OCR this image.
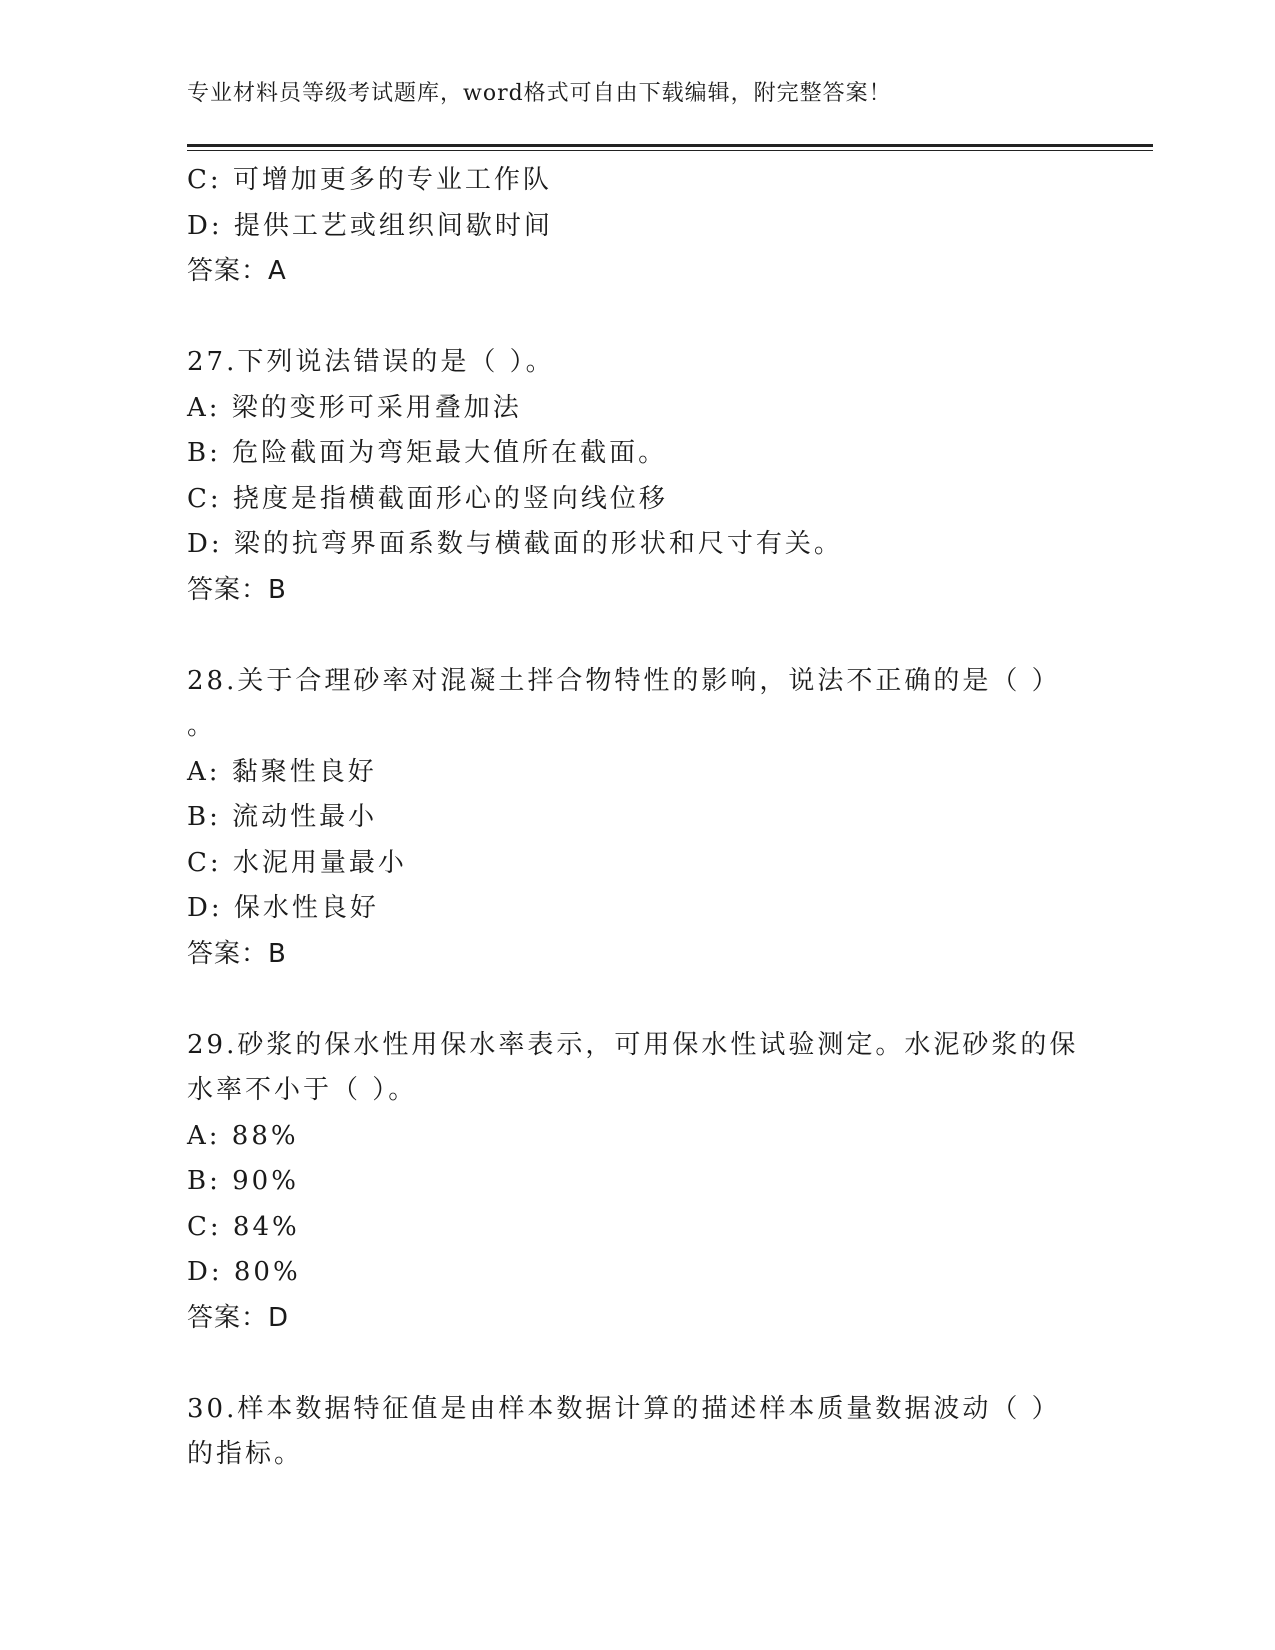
专业材料员等级考试题库，word格式可自由下载编辑，附完整答案！
C: 可增加更多的专业工作队
D: 提供工艺或组织间歇时间
答案：A
27.下列说法错误的是（ ）。
A: 梁的变形可采用叠加法
B: 危险截面为弯矩最大值所在截面。
C: 挠度是指横截面形心的竖向线位移
D: 梁的抗弯界面系数与横截面的形状和尺寸有关。
答案：B
28.关于合理砂率对混凝土拌合物特性的影响，说法不正确的是（ ）
。
A: 黏聚性良好
B: 流动性最小
C: 水泥用量最小
D: 保水性良好
答案：B
29.砂浆的保水性用保水率表示，可用保水性试验测定。水泥砂浆的保
水率不小于（ ）。
A: 88%
B: 90%
C: 84%
D: 80%
答案：D
30.样本数据特征值是由样本数据计算的描述样本质量数据波动（ ）
的指标。
